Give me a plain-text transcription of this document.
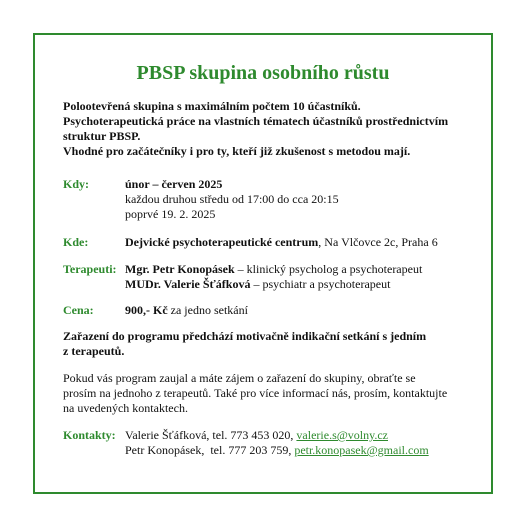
PBSP skupina osobního růstu
Polootevřená skupina s maximálním počtem 10 účastníků.
Psychoterapeutická práce na vlastních tématech účastníků prostřednictvím
struktur PBSP.
Vhodné pro začátečníky i pro ty, kteří již zkušenost s metodou mají.
Kdy:	únor – červen 2025
každou druhou středu od 17:00 do cca 20:15
poprvé 19. 2. 2025
Kde:	Dejvické psychoterapeutické centrum, Na Vlčovce 2c, Praha 6
Terapeuti: Mgr. Petr Konopásek – klinický psycholog a psychoterapeut
MUDr. Valerie Šťáfková – psychiatr a psychoterapeut
Cena:	900,- Kč za jedno setkání
Zařazení do programu předchází motivačně indikační setkání s jedním
z terapeutů.
Pokud vás program zaujal a máte zájem o zařazení do skupiny, obraťte se
prosím na jednoho z terapeutů. Také pro více informací nás, prosím, kontaktujte
na uvedených kontaktech.
Kontakty: Valerie Šťáfková, tel. 773 453 020, valerie.s@volny.cz
Petr Konopásek,  tel. 777 203 759, petr.konopasek@gmail.com
